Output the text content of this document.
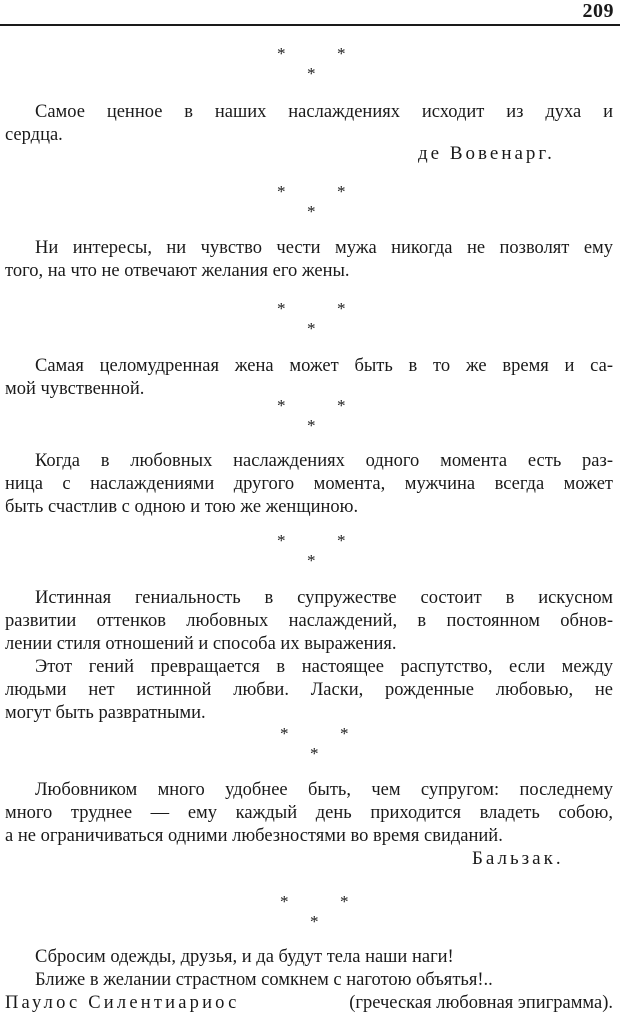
209
*	*
*
Самое ценное в наших наслаждениях исходит из духа и
сердца.
де Вовенарг.
*	*
*
Ни интересы, ни чувство чести мужа никогда не позволят ему
того, на что не отвечают желания его жены.
*	*
*
Самая целомудренная жена может быть в то же время и са-
мой чувственной.
*	*
*
Когда в любовных наслаждениях одного момента есть раз-
ница с наслаждениями другого момента, мужчина всегда может
быть счастлив с одною и тою же женщиною.
*	*
*
Истинная гениальность в супружестве состоит в искусном
развитии оттенков любовных наслаждений, в постоянном обнов-
лении стиля отношений и способа их выражения.
Этот гений превращается в настоящее распутство, если между
людьми нет истинной любви. Ласки, рожденные любовью, не
могут быть развратными.
*	*
*
Любовником много удобнее быть, чем супругом: последнему
много труднее — ему каждый день приходится владеть собою,
а не ограничиваться одними любезностями во время свиданий.
Бальзак.
*	*
*
Сбросим одежды, друзья, и да будут тела наши наги!
Ближе в желании страстном сомкнем с наготою объятья!..
Паулос Силентиариос	(греческая любовная эпиграмма).
